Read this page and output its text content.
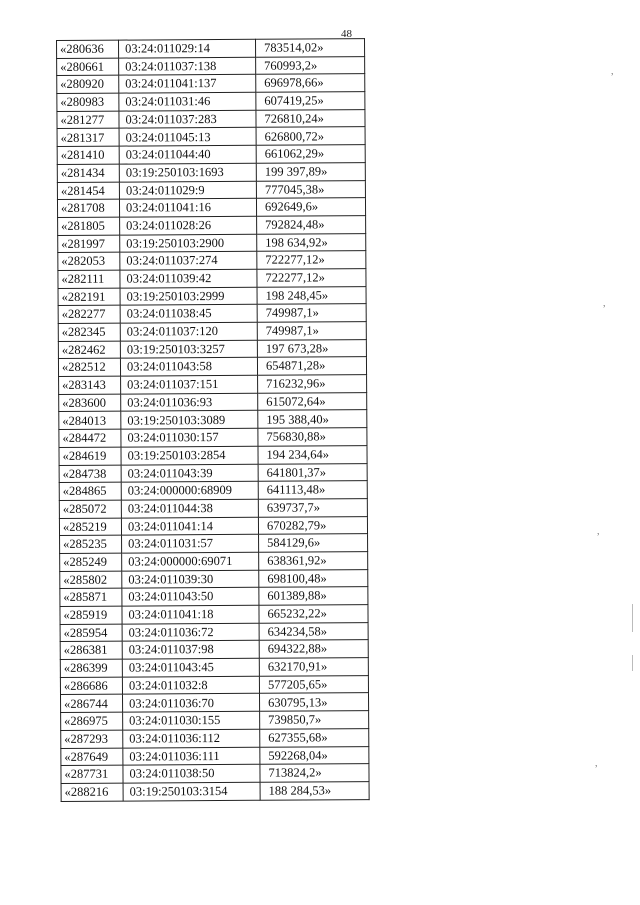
48
«280636	03:24:011029:14	783514,02»
«280661	03:24:011037:138	760993,2»
«280920	03:24:011041:137	696978,66»
«280983	03:24:011031:46	607419,25»
«281277	03:24:011037:283	726810,24»
«281317	03:24:011045:13	626800,72»
«281410	03:24:011044:40	661062,29»
«281434	03:19:250103:1693	199 397,89»
«281454	03:24:011029:9	777045,38»
«281708	03:24:011041:16	692649,6»
«281805	03:24:011028:26	792824,48»
«281997	03:19:250103:2900	198 634,92»
«282053	03:24:011037:274	722277,12»
«282111	03:24:011039:42	722277,12»
«282191	03:19:250103:2999	198 248,45»
«282277	03:24:011038:45	749987,1»
«282345	03:24:011037:120	749987,1»
«282462	03:19:250103:3257	197 673,28»
«282512	03:24:011043:58	654871,28»
«283143	03:24:011037:151	716232,96»
«283600	03:24:011036:93	615072,64»
«284013	03:19:250103:3089	195 388,40»
«284472	03:24:011030:157	756830,88»
«284619	03:19:250103:2854	194 234,64»
«284738	03:24:011043:39	641801,37»
«284865	03:24:000000:68909	641113,48»
«285072	03:24:011044:38	639737,7»
«285219	03:24:011041:14	670282,79»
«285235	03:24:011031:57	584129,6»
«285249	03:24:000000:69071	638361,92»
«285802	03:24:011039:30	698100,48»
«285871	03:24:011043:50	601389,88»
«285919	03:24:011041:18	665232,22»
«285954	03:24:011036:72	634234,58»
«286381	03:24:011037:98	694322,88»
«286399	03:24:011043:45	632170,91»
«286686	03:24:011032:8	577205,65»
«286744	03:24:011036:70	630795,13»
«286975	03:24:011030:155	739850,7»
«287293	03:24:011036:112	627355,68»
«287649	03:24:011036:111	592268,04»
«287731	03:24:011038:50	713824,2»
«288216	03:19:250103:3154	188 284,53»
,
,
,
,
